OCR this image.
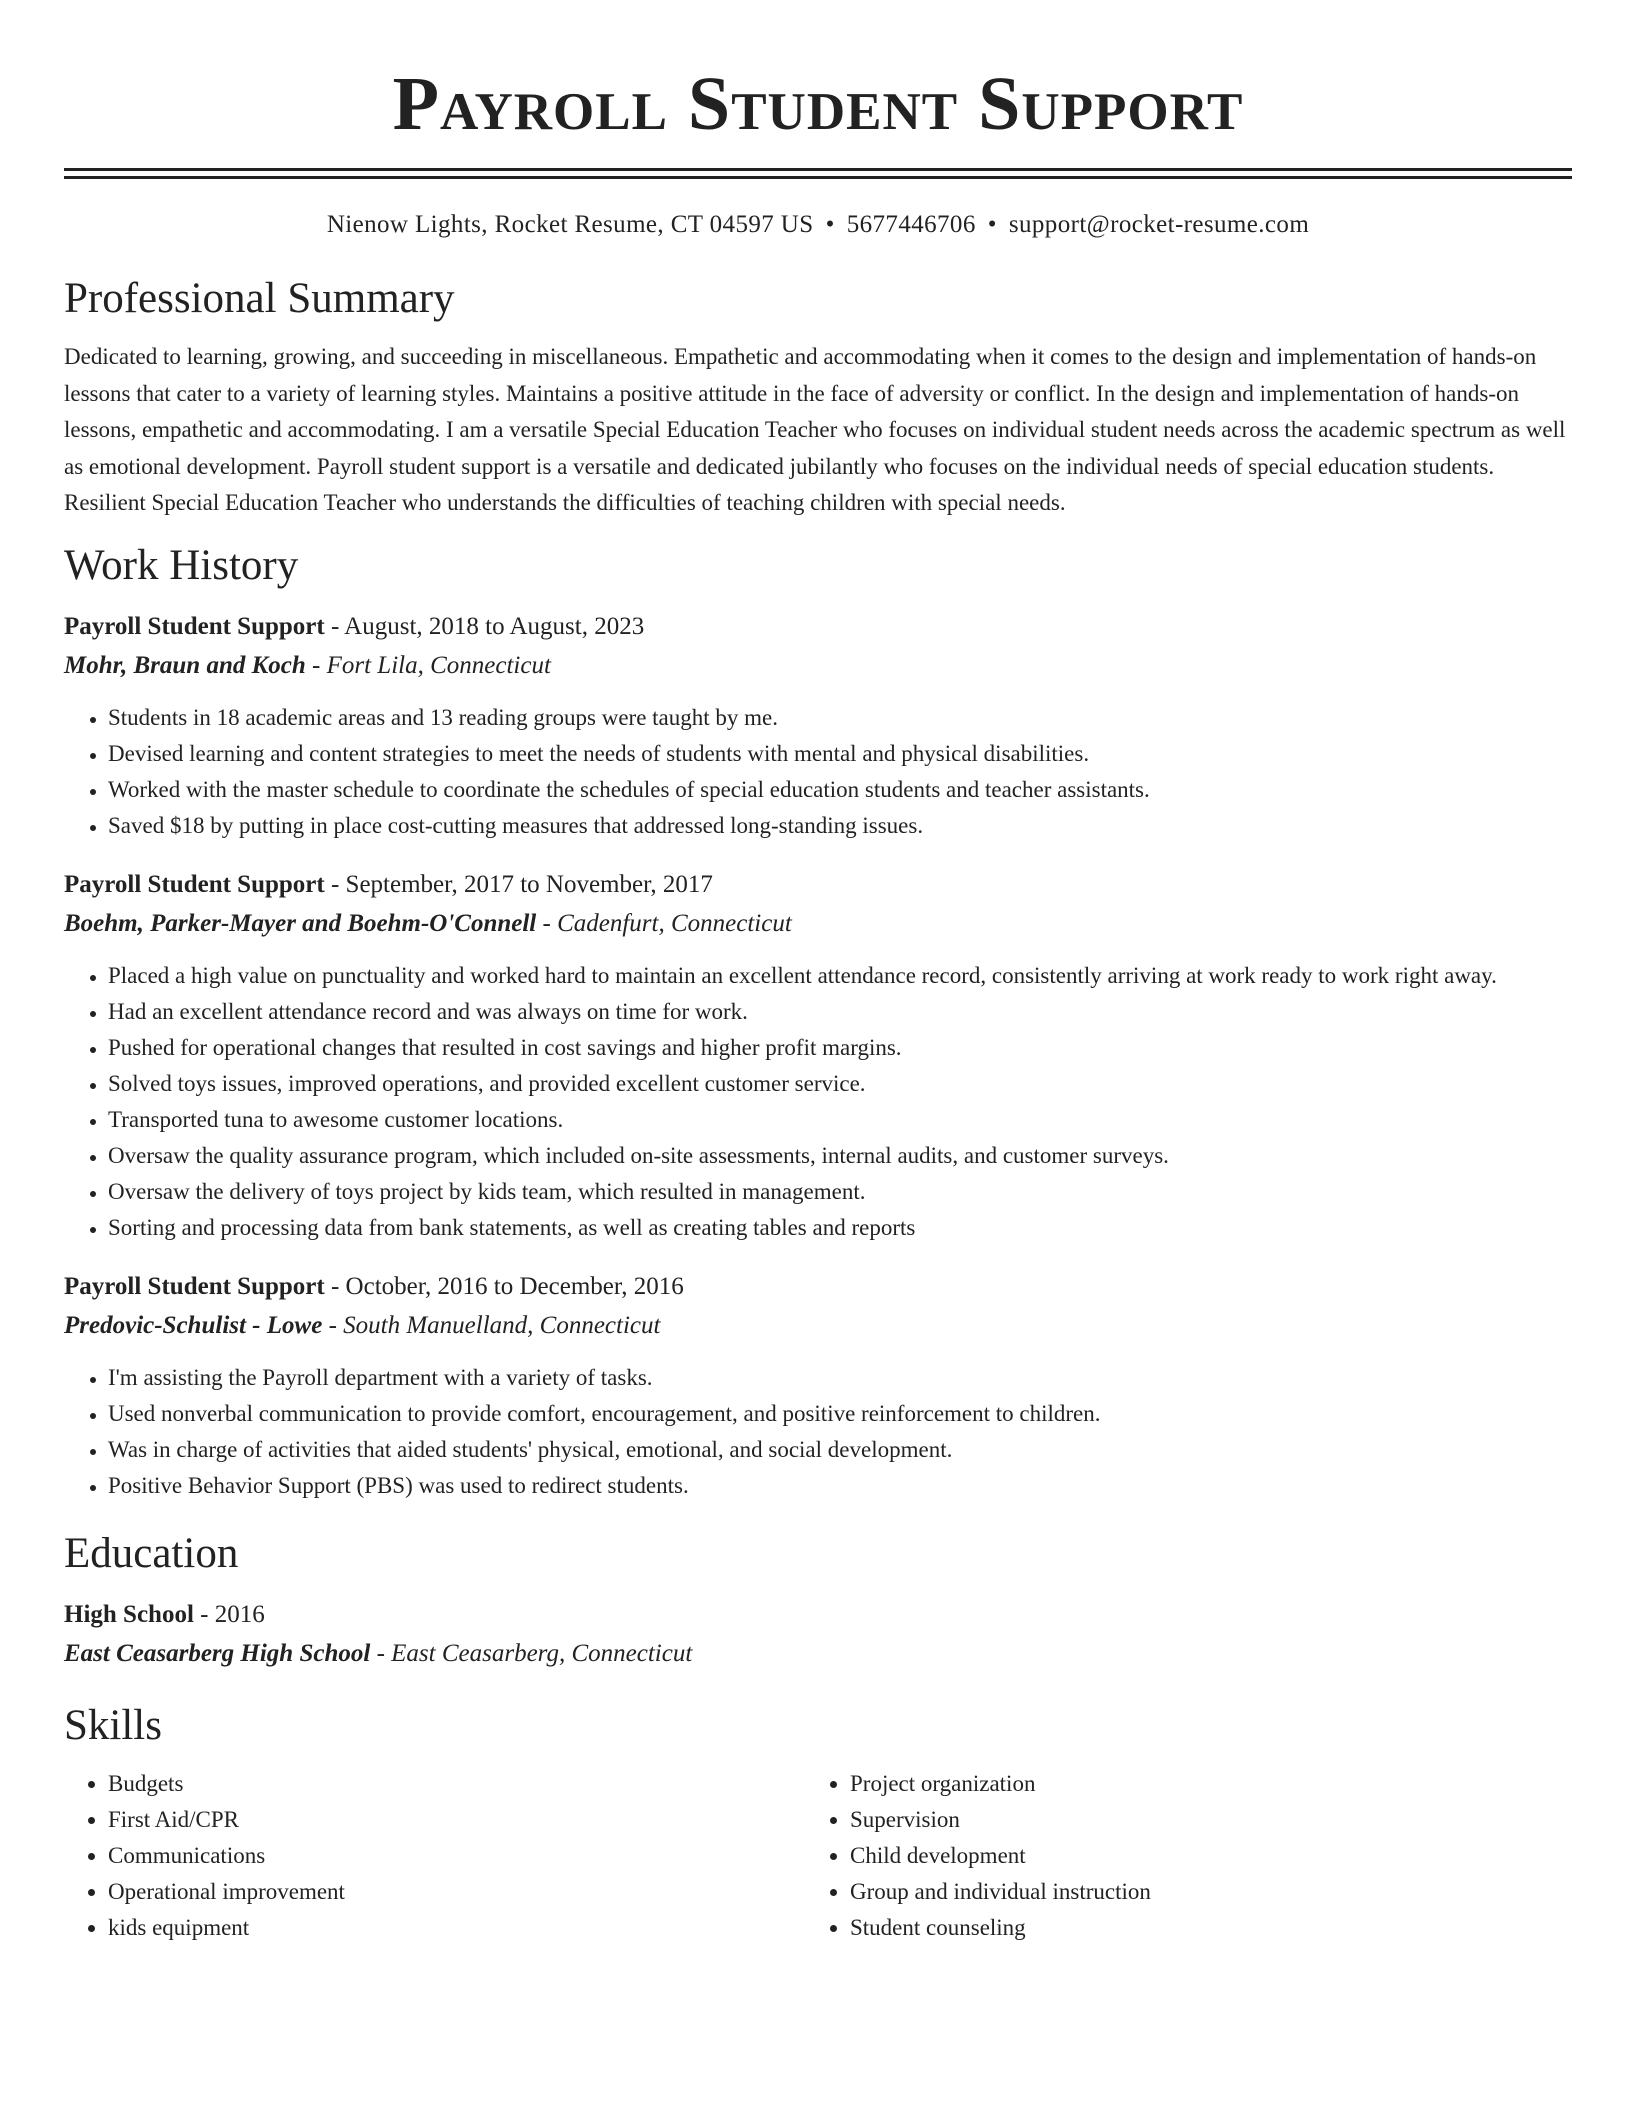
Payroll Student Support
Nienow Lights, Rocket Resume, CT 04597 US • 5677446706 • support@rocket-resume.com
Professional Summary
Dedicated to learning, growing, and succeeding in miscellaneous. Empathetic and accommodating when it comes to the design and implementation of hands-on lessons that cater to a variety of learning styles. Maintains a positive attitude in the face of adversity or conflict. In the design and implementation of hands-on lessons, empathetic and accommodating. I am a versatile Special Education Teacher who focuses on individual student needs across the academic spectrum as well as emotional development. Payroll student support is a versatile and dedicated jubilantly who focuses on the individual needs of special education students. Resilient Special Education Teacher who understands the difficulties of teaching children with special needs.
Work History
Payroll Student Support - August, 2018 to August, 2023
Mohr, Braun and Koch - Fort Lila, Connecticut
• Students in 18 academic areas and 13 reading groups were taught by me.
• Devised learning and content strategies to meet the needs of students with mental and physical disabilities.
• Worked with the master schedule to coordinate the schedules of special education students and teacher assistants.
• Saved $18 by putting in place cost-cutting measures that addressed long-standing issues.
Payroll Student Support - September, 2017 to November, 2017
Boehm, Parker-Mayer and Boehm-O'Connell - Cadenfurt, Connecticut
• Placed a high value on punctuality and worked hard to maintain an excellent attendance record, consistently arriving at work ready to work right away.
• Had an excellent attendance record and was always on time for work.
• Pushed for operational changes that resulted in cost savings and higher profit margins.
• Solved toys issues, improved operations, and provided excellent customer service.
• Transported tuna to awesome customer locations.
• Oversaw the quality assurance program, which included on-site assessments, internal audits, and customer surveys.
• Oversaw the delivery of toys project by kids team, which resulted in management.
• Sorting and processing data from bank statements, as well as creating tables and reports
Payroll Student Support - October, 2016 to December, 2016
Predovic-Schulist - Lowe - South Manuelland, Connecticut
• I'm assisting the Payroll department with a variety of tasks.
• Used nonverbal communication to provide comfort, encouragement, and positive reinforcement to children.
• Was in charge of activities that aided students' physical, emotional, and social development.
• Positive Behavior Support (PBS) was used to redirect students.
Education
High School - 2016
East Ceasarberg High School - East Ceasarberg, Connecticut
Skills
• Budgets
• First Aid/CPR
• Communications
• Operational improvement
• kids equipment
• Project organization
• Supervision
• Child development
• Group and individual instruction
• Student counseling
